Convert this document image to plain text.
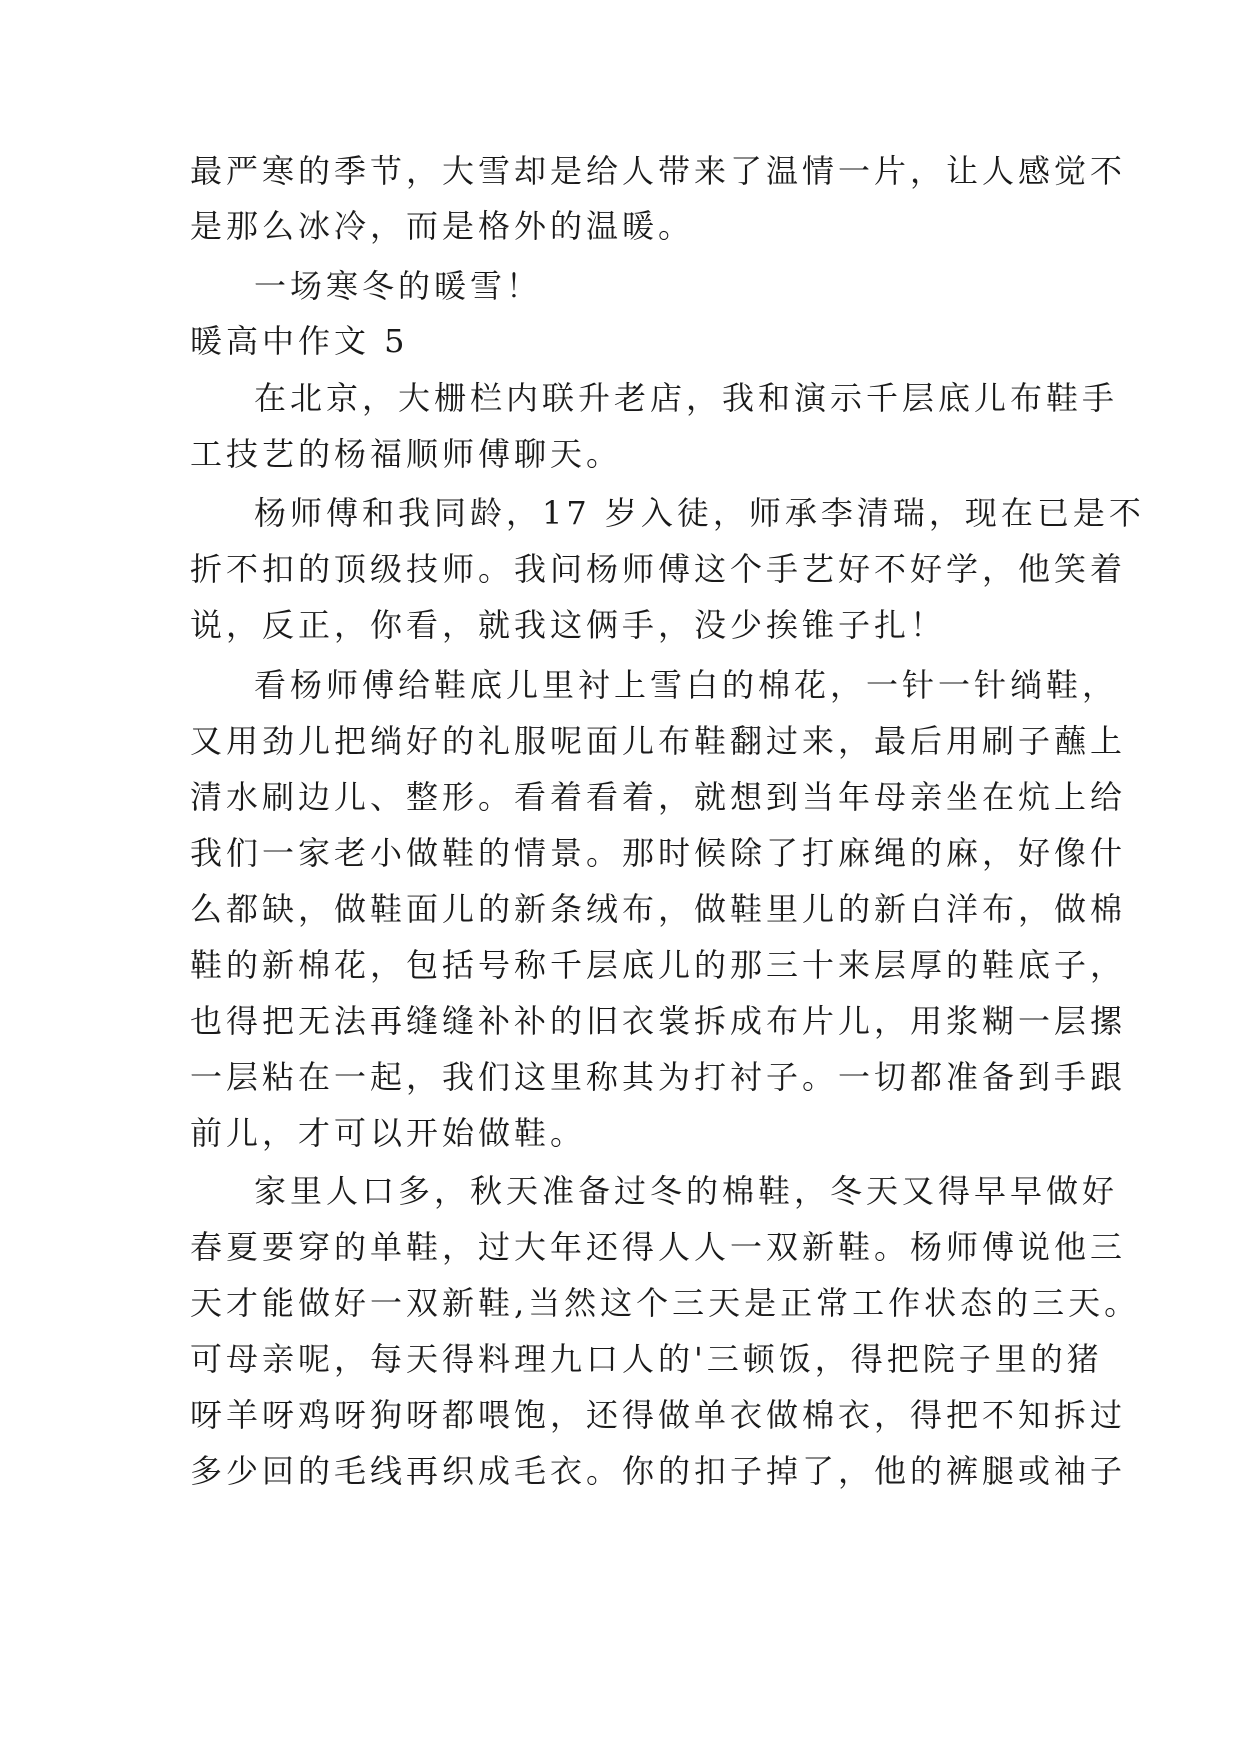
最严寒的季节，大雪却是给人带来了温情一片，让人感觉不
是那么冰冷，而是格外的温暖。
一场寒冬的暖雪！
暖高中作文 5
在北京，大栅栏内联升老店，我和演示千层底儿布鞋手
工技艺的杨福顺师傅聊天。
杨师傅和我同龄，17 岁入徒，师承李清瑞，现在已是不
折不扣的顶级技师。我问杨师傅这个手艺好不好学，他笑着
说，反正，你看，就我这俩手，没少挨锥子扎！
看杨师傅给鞋底儿里衬上雪白的棉花，一针一针绱鞋，
又用劲儿把绱好的礼服呢面儿布鞋翻过来，最后用刷子蘸上
清水刷边儿、整形。看着看着，就想到当年母亲坐在炕上给
我们一家老小做鞋的情景。那时候除了打麻绳的麻，好像什
么都缺，做鞋面儿的新条绒布，做鞋里儿的新白洋布，做棉
鞋的新棉花，包括号称千层底儿的那三十来层厚的鞋底子，
也得把无法再缝缝补补的旧衣裳拆成布片儿，用浆糊一层摞
一层粘在一起，我们这里称其为打衬子。一切都准备到手跟
前儿，才可以开始做鞋。
家里人口多，秋天准备过冬的棉鞋，冬天又得早早做好
春夏要穿的单鞋，过大年还得人人一双新鞋。杨师傅说他三
天才能做好一双新鞋,当然这个三天是正常工作状态的三天。
可母亲呢，每天得料理九口人的'三顿饭，得把院子里的猪
呀羊呀鸡呀狗呀都喂饱，还得做单衣做棉衣，得把不知拆过
多少回的毛线再织成毛衣。你的扣子掉了，他的裤腿或袖子
